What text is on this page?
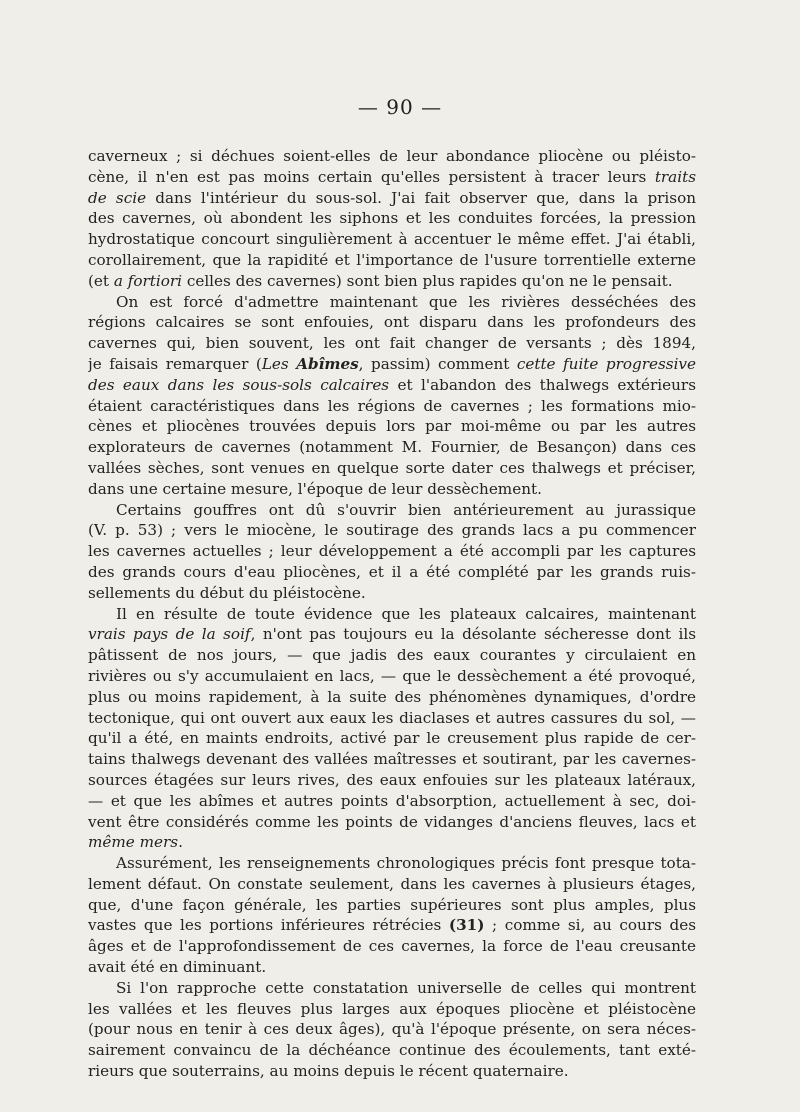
— 90 —
caverneux ; si déchues soient-elles de leur abondance pliocène ou pléisto-
cène, il n'en est pas moins certain qu'elles persistent à tracer leurs traits
de scie dans l'intérieur du sous-sol. J'ai fait observer que, dans la prison
des cavernes, où abondent les siphons et les conduites forcées, la pression
hydrostatique concourt singulièrement à accentuer le même effet. J'ai établi,
corollairement, que la rapidité et l'importance de l'usure torrentielle externe
(et a fortiori celles des cavernes) sont bien plus rapides qu'on ne le pensait.
On est forcé d'admettre maintenant que les rivières desséchées des
régions calcaires se sont enfouies, ont disparu dans les profondeurs des
cavernes qui, bien souvent, les ont fait changer de versants ; dès 1894,
je faisais remarquer (Les Abîmes, passim) comment cette fuite progressive
des eaux dans les sous-sols calcaires et l'abandon des thalwegs extérieurs
étaient caractéristiques dans les régions de cavernes ; les formations mio-
cènes et pliocènes trouvées depuis lors par moi-même ou par les autres
explorateurs de cavernes (notamment M. Fournier, de Besançon) dans ces
vallées sèches, sont venues en quelque sorte dater ces thalwegs et préciser,
dans une certaine mesure, l'époque de leur dessèchement.
Certains gouffres ont dû s'ouvrir bien antérieurement au jurassique
(V. p. 53) ; vers le miocène, le soutirage des grands lacs a pu commencer
les cavernes actuelles ; leur développement a été accompli par les captures
des grands cours d'eau pliocènes, et il a été complété par les grands ruis-
sellements du début du pléistocène.
Il en résulte de toute évidence que les plateaux calcaires, maintenant
vrais pays de la soif, n'ont pas toujours eu la désolante sécheresse dont ils
pâtissent de nos jours, — que jadis des eaux courantes y circulaient en
rivières ou s'y accumulaient en lacs, — que le dessèchement a été provoqué,
plus ou moins rapidement, à la suite des phénomènes dynamiques, d'ordre
tectonique, qui ont ouvert aux eaux les diaclases et autres cassures du sol, —
qu'il a été, en maints endroits, activé par le creusement plus rapide de cer-
tains thalwegs devenant des vallées maîtresses et soutirant, par les cavernes-
sources étagées sur leurs rives, des eaux enfouies sur les plateaux latéraux,
— et que les abîmes et autres points d'absorption, actuellement à sec, doi-
vent être considérés comme les points de vidanges d'anciens fleuves, lacs et
même mers.
Assurément, les renseignements chronologiques précis font presque tota-
lement défaut. On constate seulement, dans les cavernes à plusieurs étages,
que, d'une façon générale, les parties supérieures sont plus amples, plus
vastes que les portions inférieures rétrécies (31) ; comme si, au cours des
âges et de l'approfondissement de ces cavernes, la force de l'eau creusante
avait été en diminuant.
Si l'on rapproche cette constatation universelle de celles qui montrent
les vallées et les fleuves plus larges aux époques pliocène et pléistocène
(pour nous en tenir à ces deux âges), qu'à l'époque présente, on sera néces-
sairement convaincu de la déchéance continue des écoulements, tant exté-
rieurs que souterrains, au moins depuis le récent quaternaire.
